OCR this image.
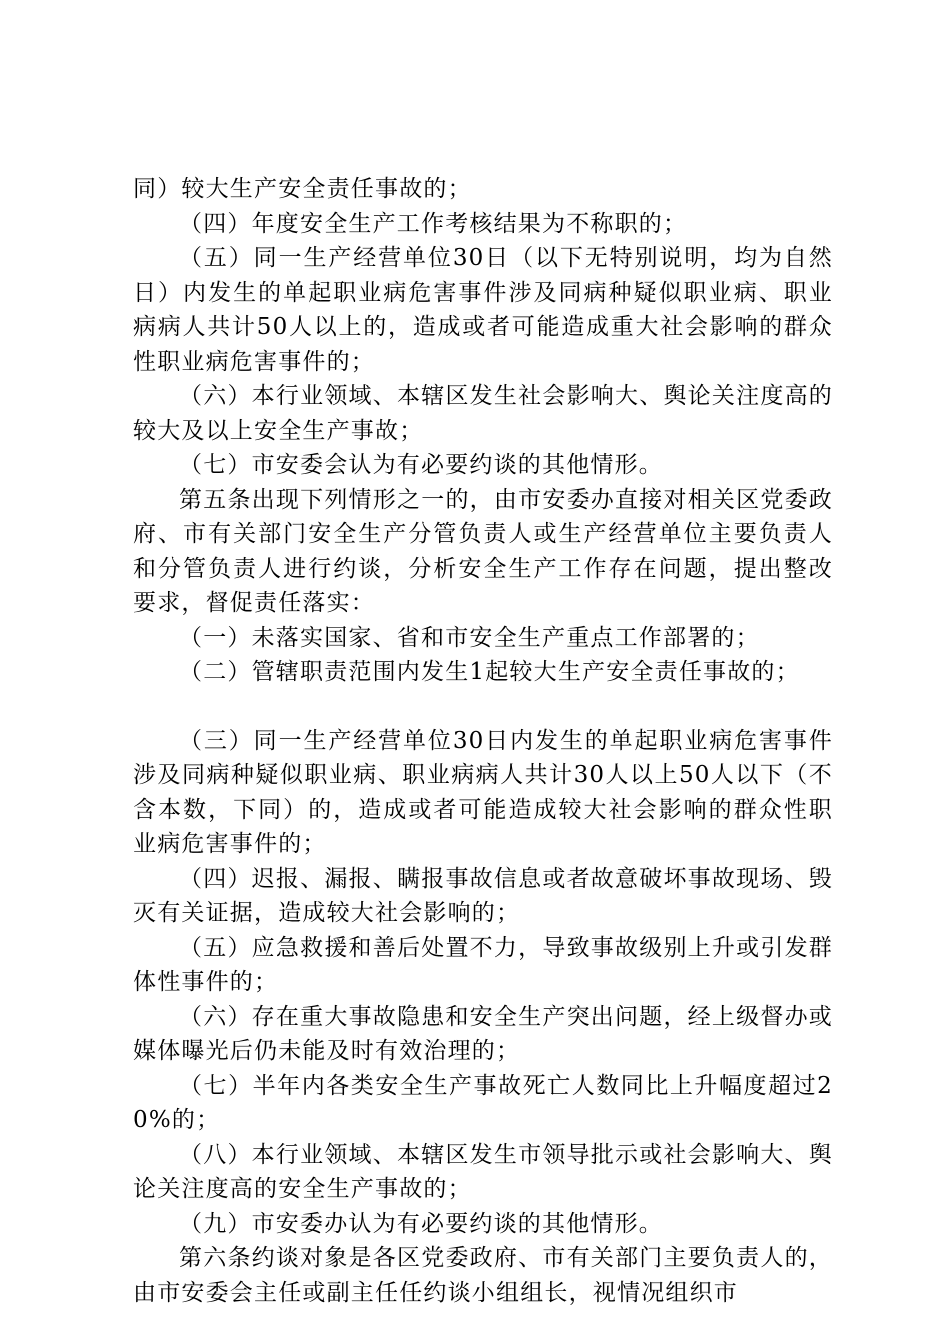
同）较大生产安全责任事故的；

（四）年度安全生产工作考核结果为不称职的；

（五）同一生产经营单位30日（以下无特别说明，均为自然日）内发生的单起职业病危害事件涉及同病种疑似职业病、职业病病人共计50人以上的，造成或者可能造成重大社会影响的群众性职业病危害事件的；

（六）本行业领域、本辖区发生社会影响大、舆论关注度高的较大及以上安全生产事故；

（七）市安委会认为有必要约谈的其他情形。

第五条出现下列情形之一的，由市安委办直接对相关区党委政府、市有关部门安全生产分管负责人或生产经营单位主要负责人和分管负责人进行约谈，分析安全生产工作存在问题，提出整改要求，督促责任落实：

（一）未落实国家、省和市安全生产重点工作部署的；

（二）管辖职责范围内发生1起较大生产安全责任事故的；

（三）同一生产经营单位30日内发生的单起职业病危害事件涉及同病种疑似职业病、职业病病人共计30人以上50人以下（不含本数，下同）的，造成或者可能造成较大社会影响的群众性职业病危害事件的；

（四）迟报、漏报、瞒报事故信息或者故意破坏事故现场、毁灭有关证据，造成较大社会影响的；

（五）应急救援和善后处置不力，导致事故级别上升或引发群体性事件的；

（六）存在重大事故隐患和安全生产突出问题，经上级督办或媒体曝光后仍未能及时有效治理的；

（七）半年内各类安全生产事故死亡人数同比上升幅度超过20%的；

（八）本行业领域、本辖区发生市领导批示或社会影响大、舆论关注度高的安全生产事故的；

（九）市安委办认为有必要约谈的其他情形。

第六条约谈对象是各区党委政府、市有关部门主要负责人的，由市安委会主任或副主任任约谈小组组长，视情况组织市
